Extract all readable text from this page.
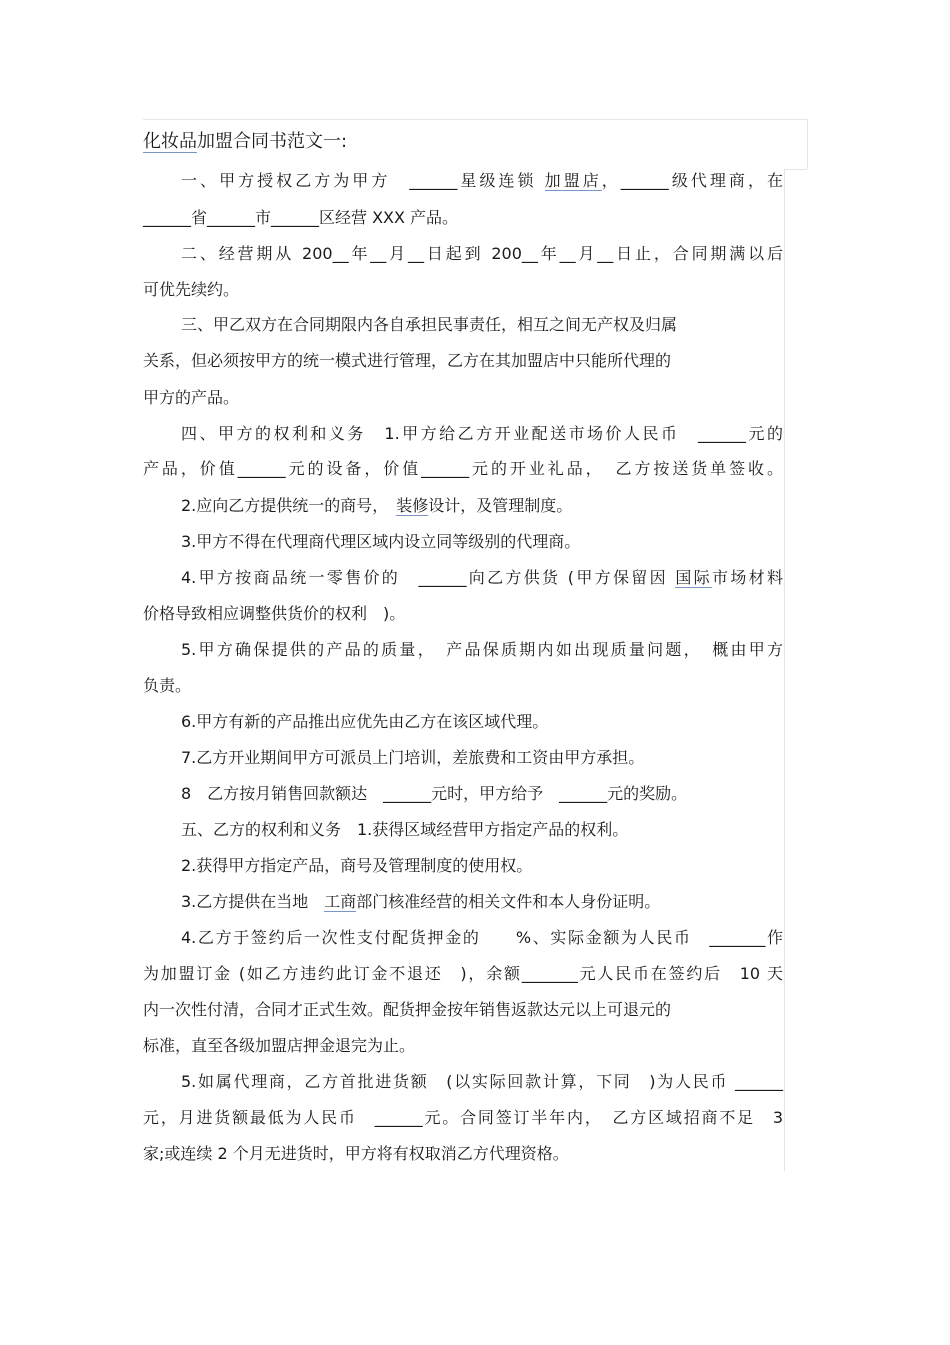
化妆品加盟合同书范文一:
一、甲方授权乙方为甲方　______星级连锁 加盟店，______级代理商，在
______省______市______区经营 XXX 产品。
二、经营期从 200__年__月__日起到 200__年__月__日止，合同期满以后
可优先续约。
三、甲乙双方在合同期限内各自承担民事责任，相互之间无产权及归属
关系，但必须按甲方的统一模式进行管理，乙方在其加盟店中只能所代理的
甲方的产品。
四、甲方的权利和义务　1.甲方给乙方开业配送市场价人民币　______元的
产品，价值______元的设备，价值______元的开业礼品，　乙方按送货单签收。
2.应向乙方提供统一的商号，　装修设计，及管理制度。
3.甲方不得在代理商代理区域内设立同等级别的代理商。
4.甲方按商品统一零售价的　______向乙方供货 (甲方保留因 国际市场材料
价格导致相应调整供货价的权利　)。
5.甲方确保提供的产品的质量，　产品保质期内如出现质量问题，　概由甲方
负责。
6.甲方有新的产品推出应优先由乙方在该区域代理。
7.乙方开业期间甲方可派员上门培训，差旅费和工资由甲方承担。
8　乙方按月销售回款额达　______元时，甲方给予　______元的奖励。
五、乙方的权利和义务　1.获得区域经营甲方指定产品的权利。
2.获得甲方指定产品，商号及管理制度的使用权。
3.乙方提供在当地　工商部门核准经营的相关文件和本人身份证明。
4.乙方于签约后一次性支付配货押金的　　%、实际金额为人民币　_______作
为加盟订金 (如乙方违约此订金不退还　)，余额_______元人民币在签约后　10 天
内一次性付清，合同才正式生效。配货押金按年销售返款达元以上可退元的
标准，直至各级加盟店押金退完为止。
5.如属代理商，乙方首批进货额　(以实际回款计算，下同　)为人民币 ______
元，月进货额最低为人民币　______元。合同签订半年内，　乙方区域招商不足　3
家;或连续 2 个月无进货时，甲方将有权取消乙方代理资格。
